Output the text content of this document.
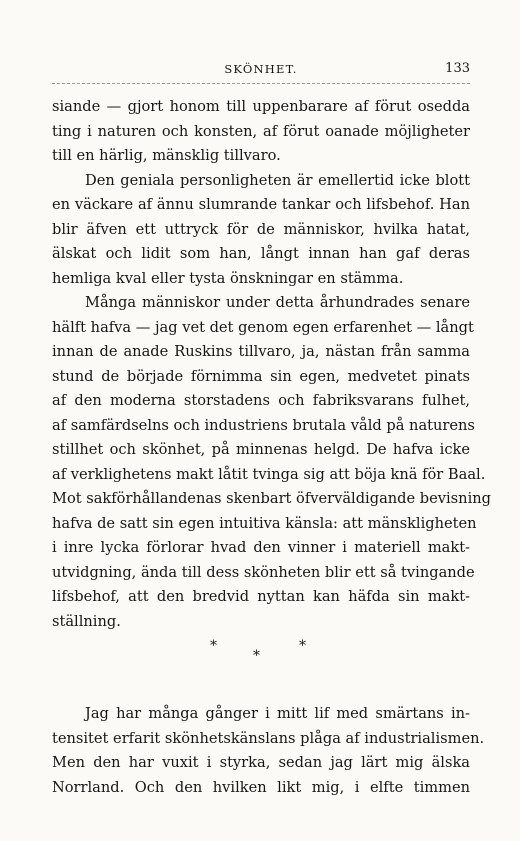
SKÖNHET.	133
siande — gjort honom till uppenbarare af förut osedda
ting i naturen och konsten, af förut oanade möjligheter
till en härlig, mänsklig tillvaro.
Den geniala personligheten är emellertid icke blott
en väckare af ännu slumrande tankar och lifsbehof. Han
blir äfven ett uttryck för de människor, hvilka hatat,
älskat och lidit som han, långt innan han gaf deras
hemliga kval eller tysta önskningar en stämma.
Många människor under detta århundrades senare
hälft hafva — jag vet det genom egen erfarenhet — långt
innan de anade Ruskins tillvaro, ja, nästan från samma
stund de började förnimma sin egen, medvetet pinats
af den moderna storstadens och fabriksvarans fulhet,
af samfärdselns och industriens brutala våld på naturens
stillhet och skönhet, på minnenas helgd. De hafva icke
af verklighetens makt låtit tvinga sig att böja knä för Baal.
Mot sakförhållandenas skenbart öfverväldigande bevisning
hafva de satt sin egen intuitiva känsla: att mänskligheten
i inre lycka förlorar hvad den vinner i materiell makt-
utvidgning, ända till dess skönheten blir ett så tvingande
lifsbehof, att den bredvid nyttan kan häfda sin makt-
ställning.
*
*
*
Jag har många gånger i mitt lif med smärtans in-
tensitet erfarit skönhetskänslans plåga af industrialismen.
Men den har vuxit i styrka, sedan jag lärt mig älska
Norrland. Och den hvilken likt mig, i elfte timmen
